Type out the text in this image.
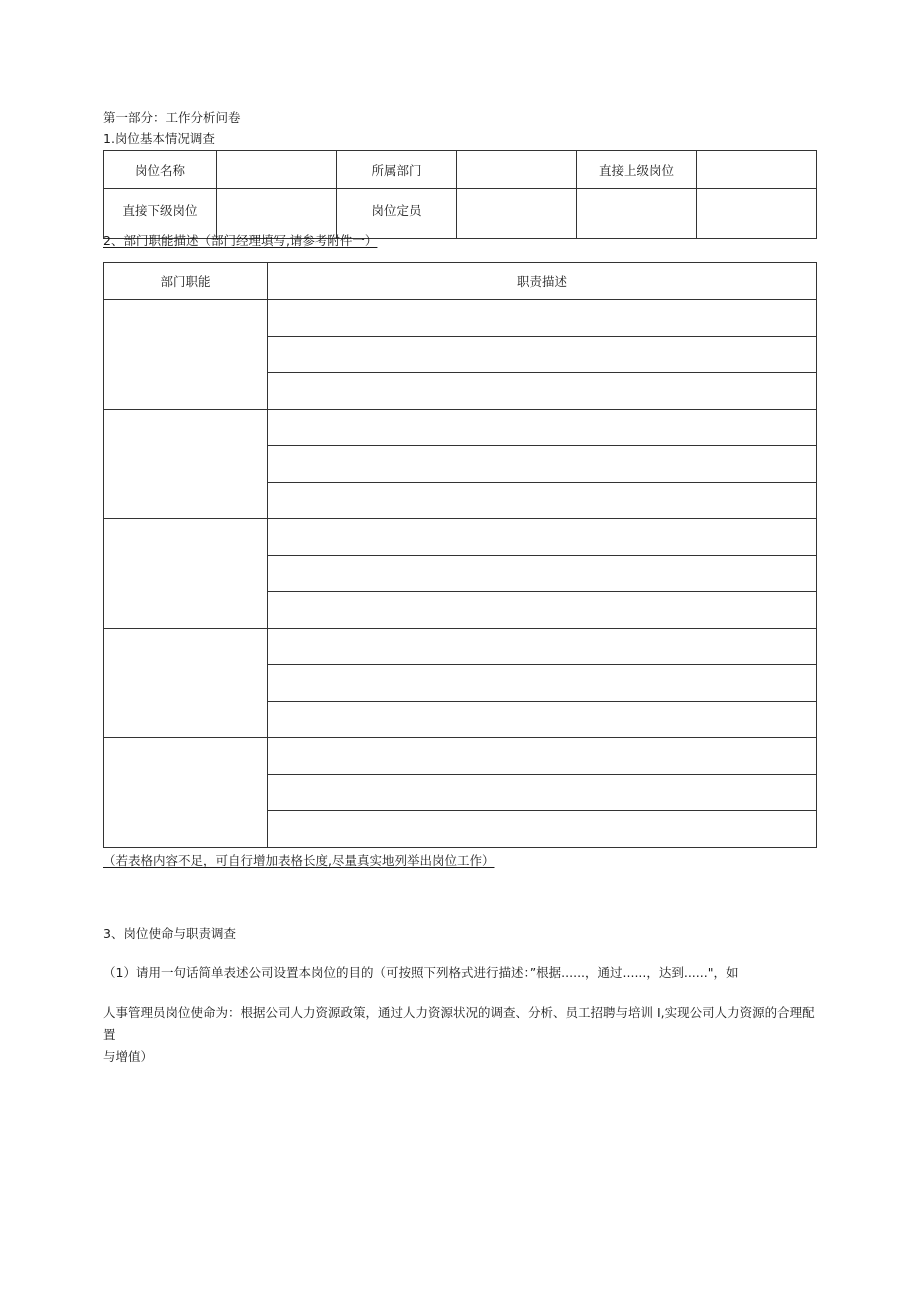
第一部分：工作分析问卷
1.岗位基本情况调查
岗位名称		所属部门		直接上级岗位	
直接下级岗位		岗位定员			
2、部门职能描述（部门经理填写,请参考附件一）
部门职能	职责描述

（若表格内容不足，可自行增加表格长度,尽量真实地列举出岗位工作）
3、岗位使命与职责调查
（1）请用一句话简单表述公司设置本岗位的目的（可按照下列格式进行描述：”根据......，通过......，达到......"，如
人事管理员岗位使命为：根据公司人力资源政策，通过人力资源状况的调查、分析、员工招聘与培训 I,实现公司人力资源的合理配置
与增值）
